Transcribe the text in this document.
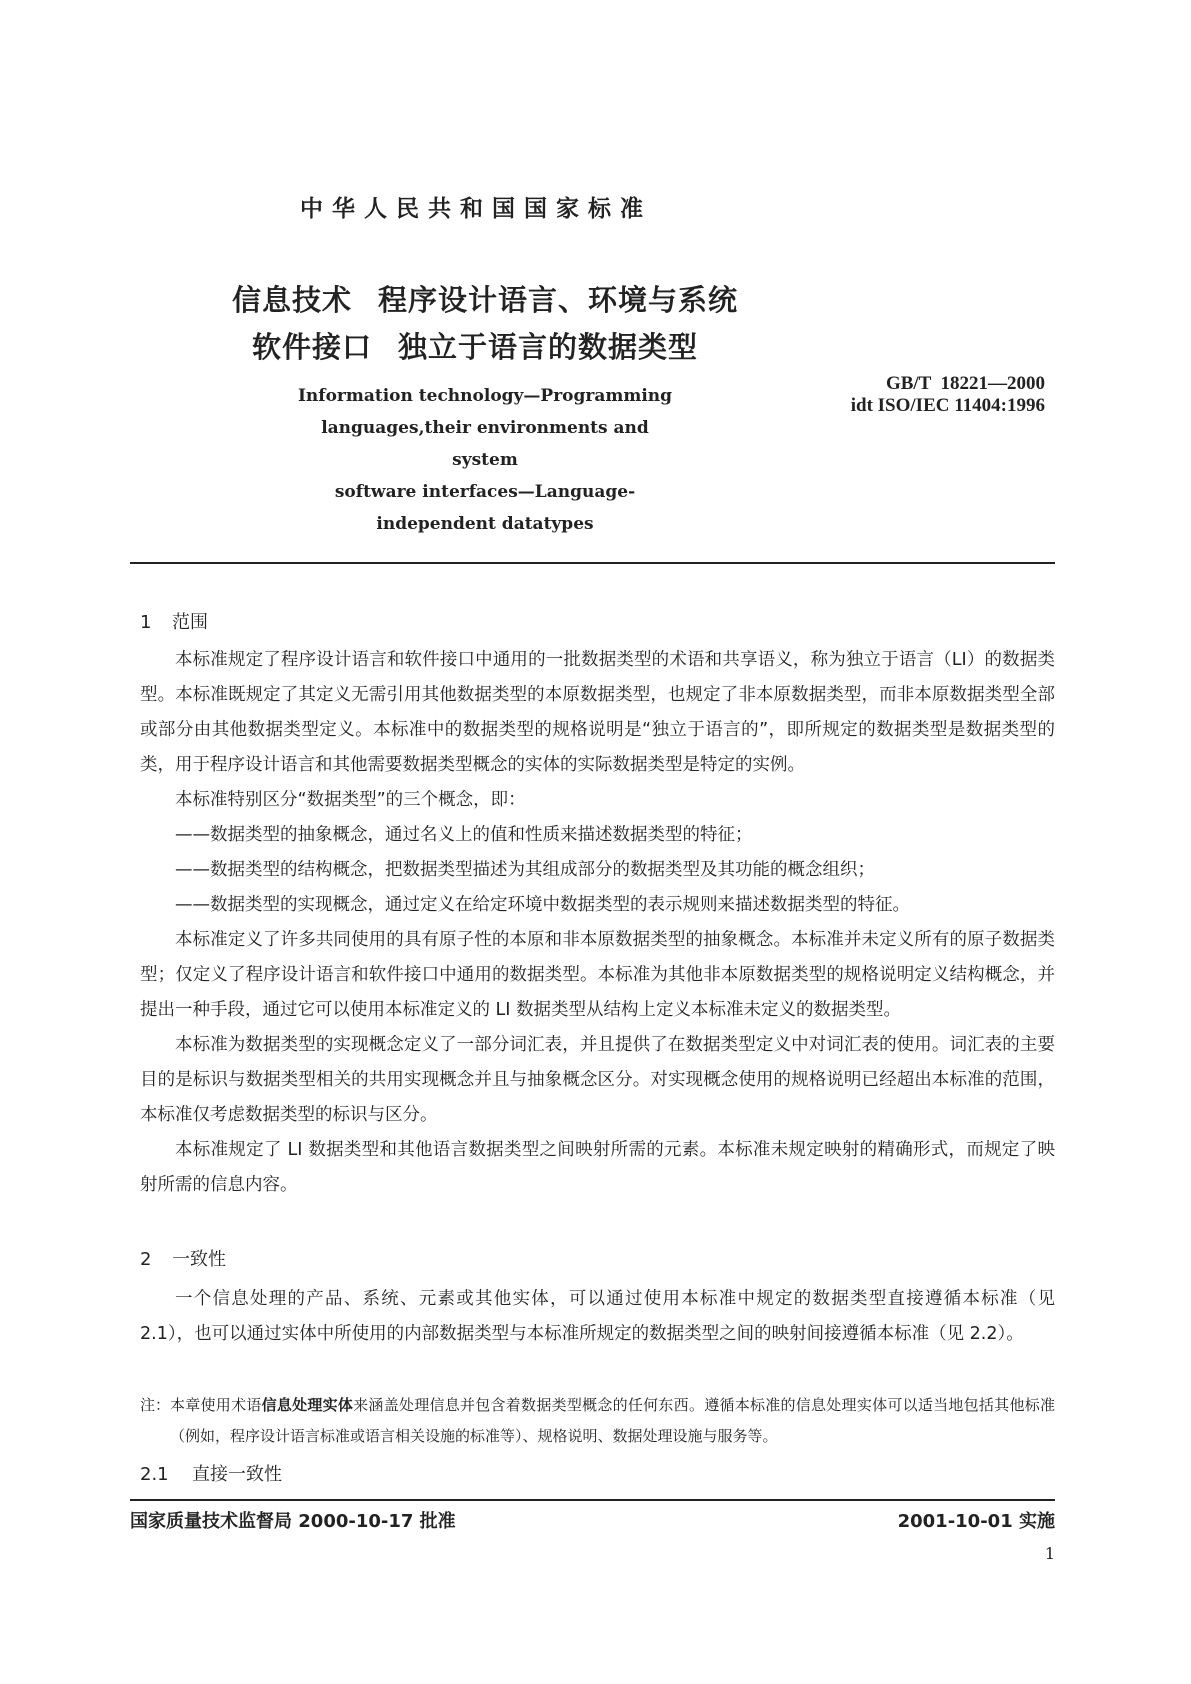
中华人民共和国国家标准
信息技术 程序设计语言、环境与系统
软件接口 独立于语言的数据类型
Information technology—Programming
languages,their environments and system
software interfaces—Language-
independent datatypes
GB/T  18221—2000
idt ISO/IEC 11404:1996
1 范围

本标准规定了程序设计语言和软件接口中通用的一批数据类型的术语和共享语义，称为独立于语言（LI）的数据类型。本标准既规定了其定义无需引用其他数据类型的本原数据类型，也规定了非本原数据类型，而非本原数据类型全部或部分由其他数据类型定义。本标准中的数据类型的规格说明是“独立于语言的”，即所规定的数据类型是数据类型的类，用于程序设计语言和其他需要数据类型概念的实体的实际数据类型是特定的实例。

本标准特别区分“数据类型”的三个概念，即：

——数据类型的抽象概念，通过名义上的值和性质来描述数据类型的特征；

——数据类型的结构概念，把数据类型描述为其组成部分的数据类型及其功能的概念组织；

——数据类型的实现概念，通过定义在给定环境中数据类型的表示规则来描述数据类型的特征。

本标准定义了许多共同使用的具有原子性的本原和非本原数据类型的抽象概念。本标准并未定义所有的原子数据类型；仅定义了程序设计语言和软件接口中通用的数据类型。本标准为其他非本原数据类型的规格说明定义结构概念，并提出一种手段，通过它可以使用本标准定义的 LI 数据类型从结构上定义本标准未定义的数据类型。

本标准为数据类型的实现概念定义了一部分词汇表，并且提供了在数据类型定义中对词汇表的使用。词汇表的主要目的是标识与数据类型相关的共用实现概念并且与抽象概念区分。对实现概念使用的规格说明已经超出本标准的范围，本标准仅考虑数据类型的标识与区分。

本标准规定了 LI 数据类型和其他语言数据类型之间映射所需的元素。本标准未规定映射的精确形式，而规定了映射所需的信息内容。

2 一致性

一个信息处理的产品、系统、元素或其他实体，可以通过使用本标准中规定的数据类型直接遵循本标准（见 2.1），也可以通过实体中所使用的内部数据类型与本标准所规定的数据类型之间的映射间接遵循本标准（见 2.2）。

注： 本章使用术语信息处理实体来涵盖处理信息并包含着数据类型概念的任何东西。遵循本标准的信息处理实体可以适当地包括其他标准（例如，程序设计语言标准或语言相关设施的标准等）、规格说明、数据处理设施与服务等。
2.1 直接一致性
国家质量技术监督局 2000-10-17 批准	2001-10-01 实施
1
